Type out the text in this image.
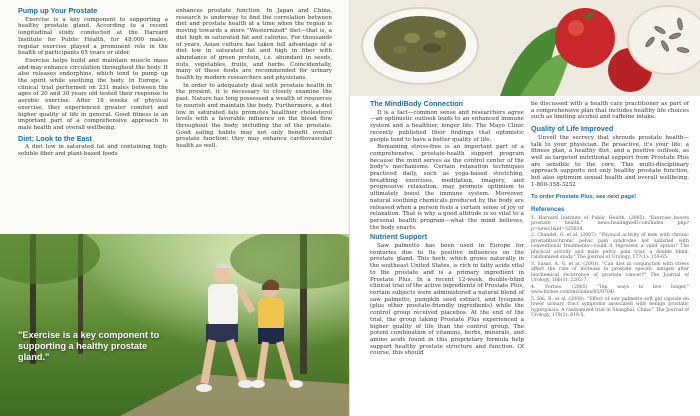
Pump up Your Prostate

Exercise is a key component to supporting a healthy prostate gland. According to a recent longitudinal study conducted at the Harvard Institute for Public Health, for 48,000 males, regular exercise played a prominent role in the health of participants 65 years or older.

Exercise helps build and maintain muscle mass and may enhance circulation throughout the body. It also releases endorphins, which tend to pump up the spirit while soothing the body. In Europe, a clinical trial performed on 231 males between the ages of 20 and 30 years old tested their response to aerobic exercise. After 18 weeks of physical exercise, they experienced greater comfort and higher quality of life in general. Good fitness is an important part of a comprehensive approach to male health and overall wellbeing.

Diet: Look to the East

A diet low in saturated fat and containing high-soluble fiber and plant-based foods

enhances prostate function. In Japan and China, research is underway to find the correlation between diet and prostate health at a time when the region is moving towards a more "Westernized" diet—that is, a diet high in saturated fat and calories. For thousands of years, Asian culture has taken full advantage of a diet low in saturated fat and high in fiber with abundance of green protein, i.e. abundant in seeds, nuts, vegetables, fruits, and herbs. Coincidentally, many of these foods are recommended for urinary health by modern researchers and physicians.

In order to adequately deal with prostate health in the present, it is necessary to closely examine the past. Nature has long possessed a wealth of resources to nourish and maintain the body. Furthermore, a diet low in saturated fats promotes healthier cholesterol levels with a favorable influence on the blood flow throughout the body, including the of the prostate. Good eating habits may not only benefit overall prostate function; they may enhance cardiovascular health as well.

"Exercise is a key component to supporting a healthy prostate gland."
The Mind/Body Connection

It is a fact—common sense and researchers agree—an optimistic outlook leads to an enhanced immune system and a healthier, longer life. The Mayo Clinic recently published their findings that optimistic people tend to have a better quality of life.

Remaining stress-free is an important part of a comprehensive, prostate-health support program because the mind serves as the control center of the body's mechanisms. Certain relaxation techniques practiced daily, such as yoga-based stretching, breathing exercises, meditation, imagery, and progressive relaxation, may promote optimism to ultimately boost the immune system. Moreover, natural soothing chemicals produced by the body are released when a person feels a certain sense of joy or relaxation. That is why a good attitude is so vital to a personal health program—what the mind believes, the body enacts.

Nutrient Support

Saw palmetto has been used in Europe for centuries due to its positive influences on the prostate gland. This herb, which grows naturally in the southeast United States, is rich in fatty acids vital to the prostate and is a primary ingredient in Prostate Plus. In a recent 12-week, double-blind clinical trial of the active ingredients of Prostate Plus, certain subjects were administered a natural blend of saw palmetto, pumpkin seed extract, and lycopene (plus other prostate-friendly ingredients) while the control group received placebos. At the end of the trial, the group taking Prostate Plus experienced a higher quality of life than the control group. The potent combination of vitamins, herbs, minerals, and amino acids found in this proprietary formula help support healthy prostate structure and function. Of course, this should

be discussed with a health care practitioner as part of a comprehensive plan that includes healthy life choices such as limiting alcohol and caffeine intake.

Quality of Life Improved

Unveil the secrecy that shrouds prostate health—talk to your physician. Be proactive, it's your life: a fitness plan, a healthy diet, and a positive outlook, as well as targeted nutritional support from Prostate Plus are sensible to the core. This multi-disciplinary approach supports not only healthy prostate function, but also optimum sexual health and overall wellbeing. 1-800-358-3252

To order Prostate Plus, see next page!
References

1. Harvard Institute of Public Health. (2005). "Exercise boosts prostate health," news.healingwell.com/index php?p=news1&id=525834.

2. Chandel, G. et al. (2007). "Physical activity of men with chronic prostatitis/chronic pelvic pain syndrome not satisfied with conventional treatments—could it represent a valid option? The physical activity and male pelvic pain trial: a double blind, randomized study." The Journal of Urology, 177(1): 159-65.

3. Sasas, A. G. et al. (2001). "Can diet in conjunction with stress affect the rate of increase in prostate specific antigen after biochemical recurrence of prostate cancer?" The Journal of Urology, 166(1): 2202-7.

4. Forbes. (2005) "Ten ways to live longer," www.forbes.com/ms/index/05/0704/.

5. Shi, R. et al. (2008). "Effect of saw palmetto soft gel capsule on lower urinary tract symptoms associated with benign prostatic hyperplasia: A randomized trial in Shanghai, China." The Journal of Urology, 179(2): 610-5.
